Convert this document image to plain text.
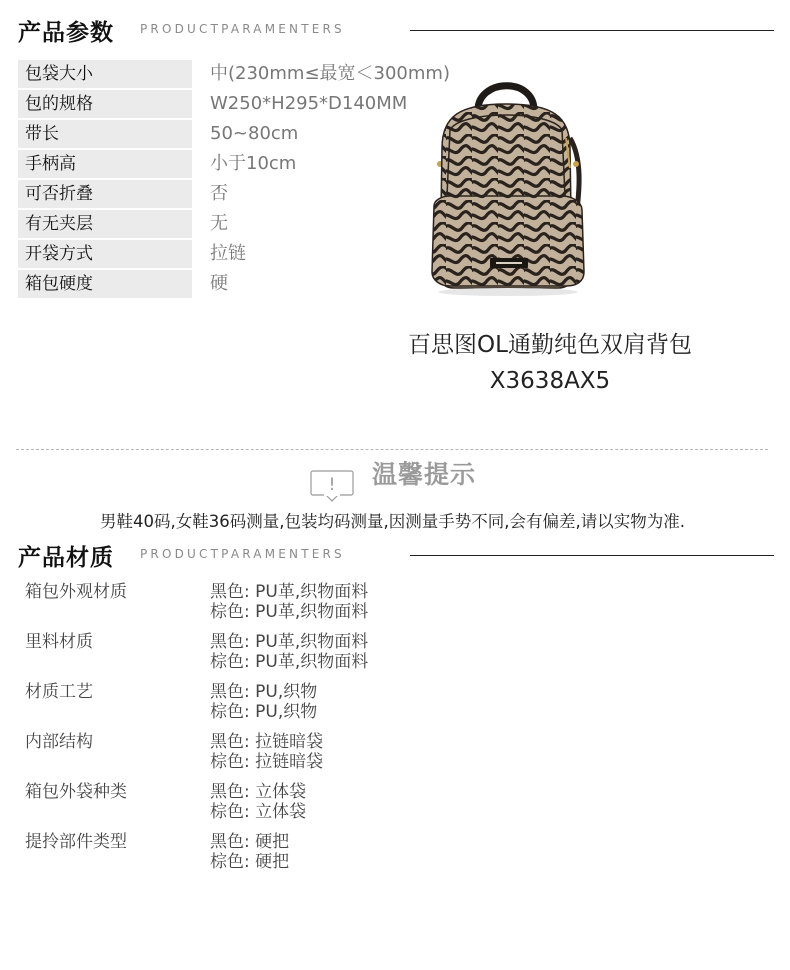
产品参数 PRODUCTPARAMENTERS
包袋大小	中(230mm≤最宽＜300mm)
包的规格	W250*H295*D140MM
带长	50~80cm
手柄高	小于10cm
可否折叠	否
有无夹层	无
开袋方式	拉链
箱包硬度	硬
百思图OL通勤纯色双肩背包
X3638AX5
! 温馨提示
男鞋40码,女鞋36码测量,包装均码测量,因测量手势不同,会有偏差,请以实物为准.
产品材质 PRODUCTPARAMENTERS
箱包外观材质	黑色: PU革,织物面料
棕色: PU革,织物面料
里料材质	黑色: PU革,织物面料
棕色: PU革,织物面料
材质工艺	黑色: PU,织物
棕色: PU,织物
内部结构	黑色: 拉链暗袋
棕色: 拉链暗袋
箱包外袋种类	黑色: 立体袋
棕色: 立体袋
提拎部件类型	黑色: 硬把
棕色: 硬把
